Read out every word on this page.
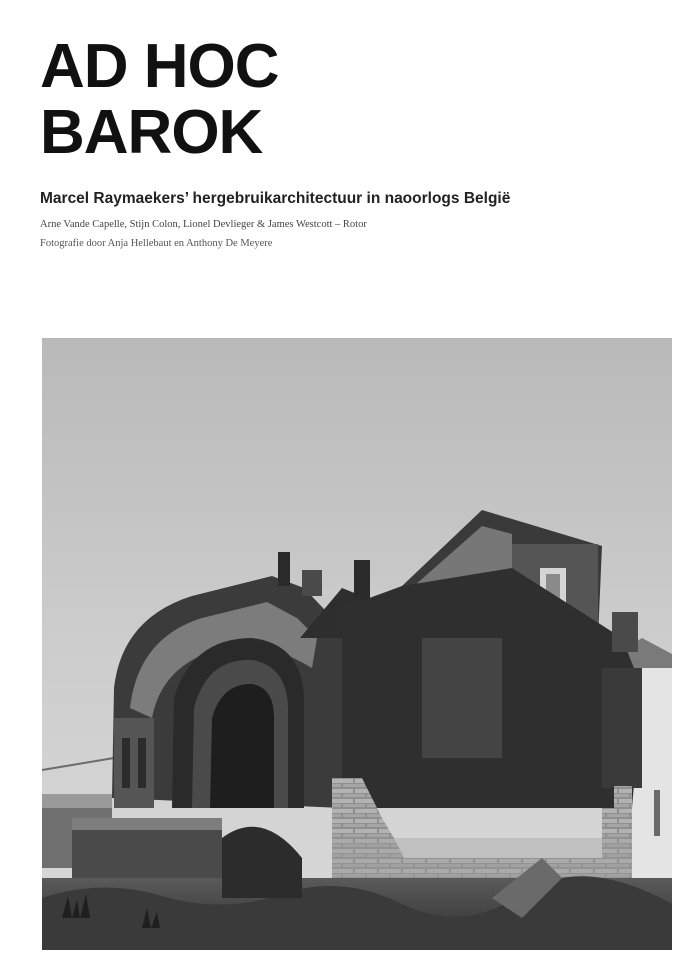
AD HOC
BAROK
Marcel Raymaekers’ hergebruikarchitectuur in naoorlogs België
Arne Vande Capelle, Stijn Colon, Lionel Devlieger & James Westcott – Rotor
Fotografie door Anja Hellebaut en Anthony De Meyere
